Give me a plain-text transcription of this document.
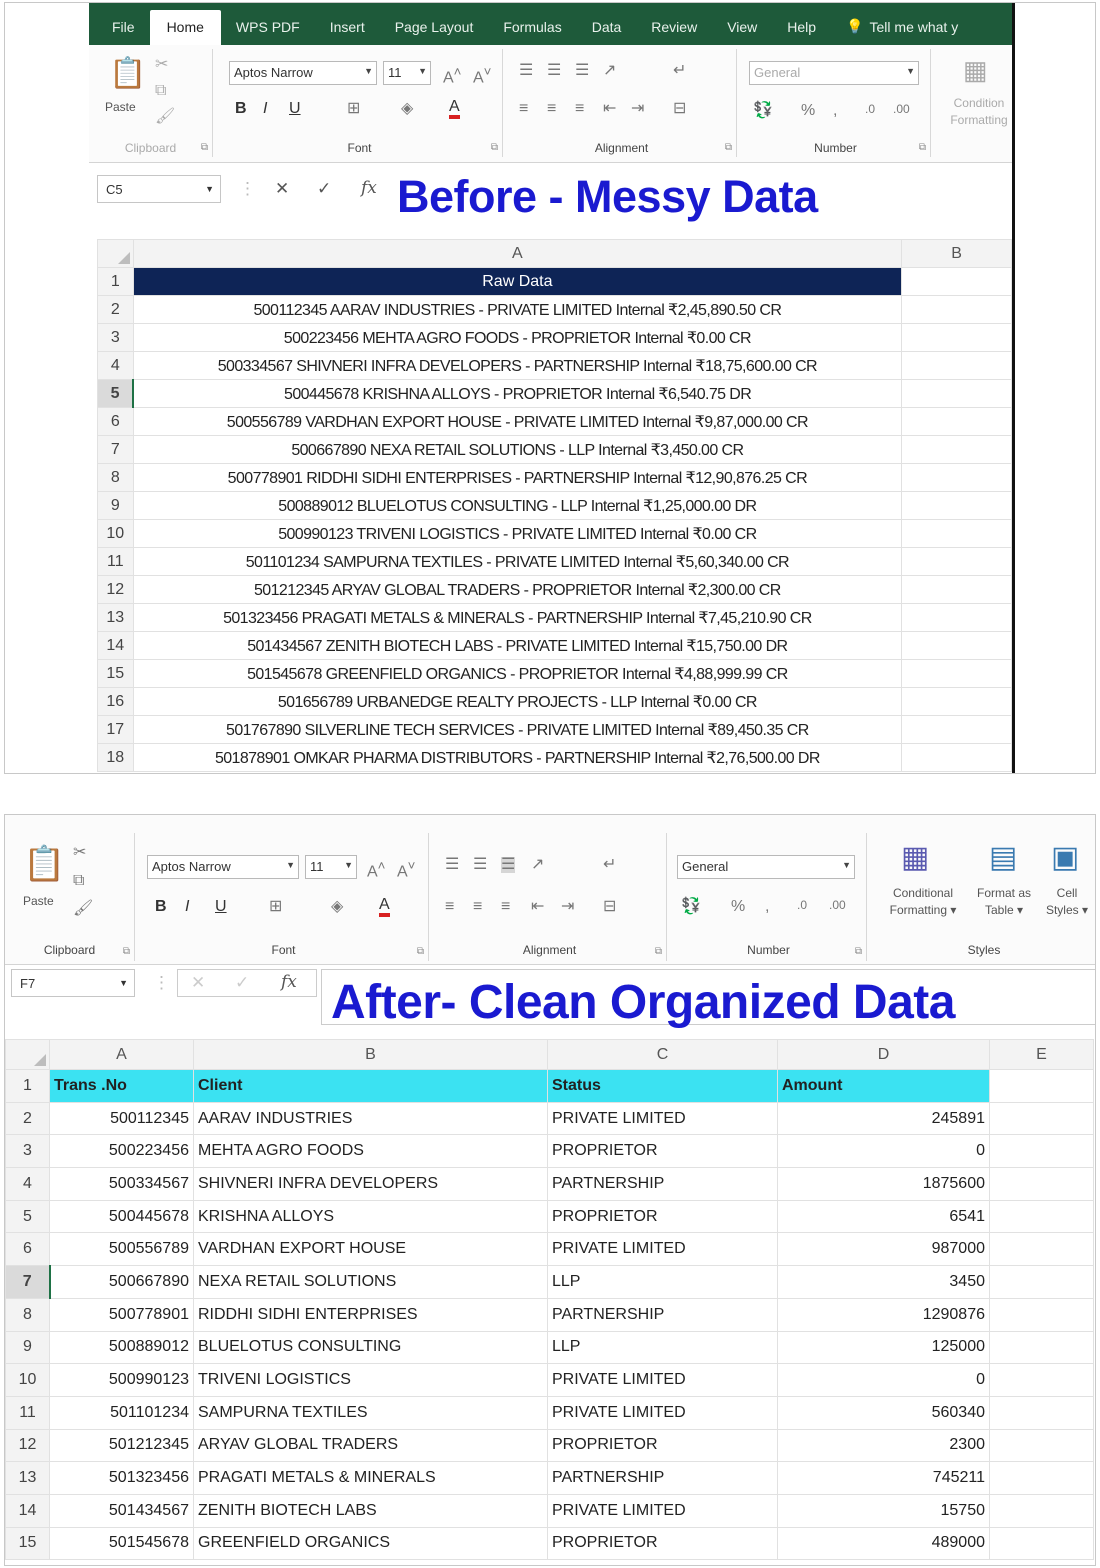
File	Home	WPS PDF	Insert	Page Layout	Formulas	Data	Review	View	Help	💡 Tell me what y
📋
Paste
✂
⧉
🖌
Clipboard	⧉
Aptos Narrow	▼	11 ▼ A˄ A˅
B I U	⊞	◈ A
Font	⧉
☰ ☰ ☰ ↗	↵
≡ ≡ ≡ ⇤ ⇥ ⊟
Alignment	⧉
General	▼
💱 % , .0 .00
Number	⧉
▦
Condition Formatting
C5	▼ ⋮ ✕ ✓ fx Before - Messy Data
	A	B
1	Raw Data	
2	500112345 AARAV INDUSTRIES - PRIVATE LIMITED Internal ₹2,45,890.50 CR	
3	500223456 MEHTA AGRO FOODS - PROPRIETOR Internal ₹0.00 CR	
4	500334567 SHIVNERI INFRA DEVELOPERS - PARTNERSHIP Internal ₹18,75,600.00 CR	
5	500445678 KRISHNA ALLOYS - PROPRIETOR Internal ₹6,540.75 DR	
6	500556789 VARDHAN EXPORT HOUSE - PRIVATE LIMITED Internal ₹9,87,000.00 CR	
7	500667890 NEXA RETAIL SOLUTIONS - LLP Internal ₹3,450.00 CR	
8	500778901 RIDDHI SIDHI ENTERPRISES - PARTNERSHIP Internal ₹12,90,876.25 CR	
9	500889012 BLUELOTUS CONSULTING - LLP Internal ₹1,25,000.00 DR	
10	500990123 TRIVENI LOGISTICS - PRIVATE LIMITED Internal ₹0.00 CR	
11	501101234 SAMPURNA TEXTILES - PRIVATE LIMITED Internal ₹5,60,340.00 CR	
12	501212345 ARYAV GLOBAL TRADERS - PROPRIETOR Internal ₹2,300.00 CR	
13	501323456 PRAGATI METALS & MINERALS - PARTNERSHIP Internal ₹7,45,210.90 CR	
14	501434567 ZENITH BIOTECH LABS - PRIVATE LIMITED Internal ₹15,750.00 DR	
15	501545678 GREENFIELD ORGANICS - PROPRIETOR Internal ₹4,88,999.99 CR	
16	501656789 URBANEDGE REALTY PROJECTS - LLP Internal ₹0.00 CR	
17	501767890 SILVERLINE TECH SERVICES - PRIVATE LIMITED Internal ₹89,450.35 CR	
18	501878901 OMKAR PHARMA DISTRIBUTORS - PARTNERSHIP Internal ₹2,76,500.00 DR	
📋
Paste
✂
⧉
🖌
Clipboard	⧉
Aptos Narrow	▼	11 ▼ A˄ A˅
B I U	⊞	◈ A
Font	⧉
☰ ☰ ☰ ↗	↵
≡ ≡ ≡ ⇤ ⇥ ⊟
Alignment	⧉
General	▼
💱 % , .0 .00
Number	⧉
▦
Conditional Formatting ▾
▤
Format as Table ▾
▣
Cell Styles ▾
Styles
F7	▼ ⋮ ✕ ✓ fx After- Clean Organized Data
	A	B	C	D	E
1	Trans .No	Client	Status	Amount	
2	500112345	AARAV INDUSTRIES	PRIVATE LIMITED	245891	
3	500223456	MEHTA AGRO FOODS	PROPRIETOR	0	
4	500334567	SHIVNERI INFRA DEVELOPERS	PARTNERSHIP	1875600	
5	500445678	KRISHNA ALLOYS	PROPRIETOR	6541	
6	500556789	VARDHAN EXPORT HOUSE	PRIVATE LIMITED	987000	
7	500667890	NEXA RETAIL SOLUTIONS	LLP	3450	
8	500778901	RIDDHI SIDHI ENTERPRISES	PARTNERSHIP	1290876	
9	500889012	BLUELOTUS CONSULTING	LLP	125000	
10	500990123	TRIVENI LOGISTICS	PRIVATE LIMITED	0	
11	501101234	SAMPURNA TEXTILES	PRIVATE LIMITED	560340	
12	501212345	ARYAV GLOBAL TRADERS	PROPRIETOR	2300	
13	501323456	PRAGATI METALS & MINERALS	PARTNERSHIP	745211	
14	501434567	ZENITH BIOTECH LABS	PRIVATE LIMITED	15750	
15	501545678	GREENFIELD ORGANICS	PROPRIETOR	489000	
